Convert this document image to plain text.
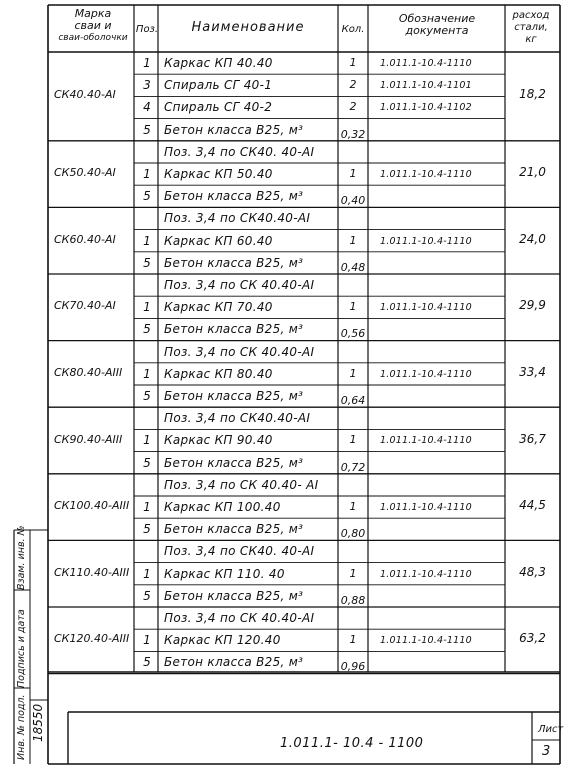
Марка
сваи и
сваи-оболочки
Поз.	Наименование	Кол.
Обозначение
документа
расход
стали,
кг
СК40.40-АI	18,2
1	Каркас КП 40.40	1	1.011.1-10.4-1110
3	Спираль СГ 40-1	2	1.011.1-10.4-1101
4	Спираль СГ 40-2	2	1.011.1-10.4-1102
5	Бетон класса В25, м³	0,32
СК50.40-АI	21,0
Поз. 3,4 по СК40. 40-АI
1	Каркас КП 50.40	1	1.011.1-10.4-1110
5	Бетон класса В25, м³	0,40
СК60.40-АI	24,0
Поз. 3,4 по СК40.40-АI
1	Каркас КП 60.40	1	1.011.1-10.4-1110
5	Бетон класса В25, м³	0,48
СК70.40-АI	29,9
Поз. 3,4 по СК 40.40-АI
1	Каркас КП 70.40	1	1.011.1-10.4-1110
5	Бетон класса В25, м³	0,56
СК80.40-АIII	33,4
Поз. 3,4 по СК 40.40-АI
1	Каркас КП 80.40	1	1.011.1-10.4-1110
5	Бетон класса В25, м³	0,64
СК90.40-АIII	36,7
Поз. 3,4 по СК40.40-АI
1	Каркас КП 90.40	1	1.011.1-10.4-1110
5	Бетон класса В25, м³	0,72
СК100.40-АIII	44,5
Поз. 3,4 по СК 40.40- АI
1	Каркас КП 100.40	1	1.011.1-10.4-1110
5	Бетон класса В25, м³	0,80
СК110.40-АIII	48,3
Поз. 3,4 по СК40. 40-АI
1	Каркас КП 110. 40	1	1.011.1-10.4-1110
5	Бетон класса В25, м³	0,88
СК120.40-АIII	63,2
Поз. 3,4 по СК 40.40-АI
1	Каркас КП 120.40	1	1.011.1-10.4-1110
5	Бетон класса В25, м³	0,96
Инв. № подл.
Подпись и дата
Взам. инв. №
18550
1.011.1- 10.4 - 1100
Лист
3
